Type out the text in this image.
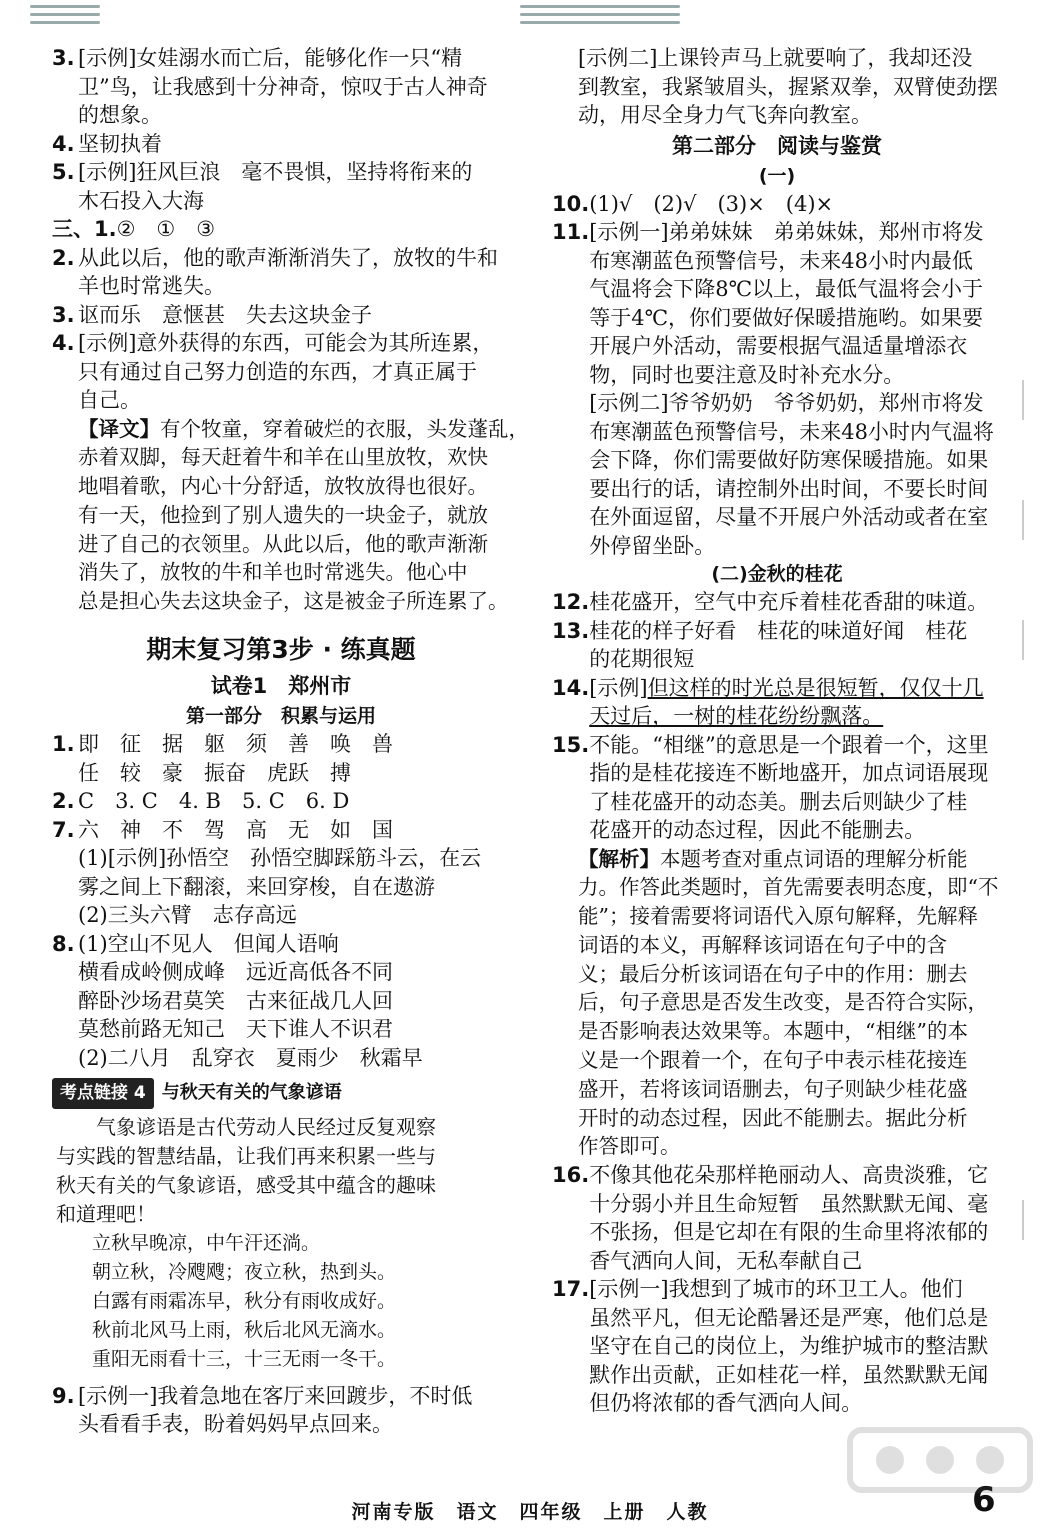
3. [示例]女娃溺水而亡后，能够化作一只“精
卫”鸟，让我感到十分神奇，惊叹于古人神奇
的想象。
4. 坚韧执着
5. [示例]狂风巨浪　毫不畏惧，坚持将衔来的
木石投入大海
三、1. ②　①　③
2. 从此以后，他的歌声渐渐消失了，放牧的牛和
羊也时常逃失。
3. 讴而乐　意惬甚　失去这块金子
4. [示例]意外获得的东西，可能会为其所连累，
只有通过自己努力创造的东西，才真正属于
自己。
【译文】有个牧童，穿着破烂的衣服，头发蓬乱，
赤着双脚，每天赶着牛和羊在山里放牧，欢快
地唱着歌，内心十分舒适，放牧放得也很好。
有一天，他捡到了别人遗失的一块金子，就放
进了自己的衣领里。从此以后，他的歌声渐渐
消失了，放牧的牛和羊也时常逃失。他心中
总是担心失去这块金子，这是被金子所连累了。
期末复习第3步 · 练真题
试卷1　郑州市
第一部分　积累与运用
1. 即　征　据　躯　须　善　唤　兽
任　较　豪　振奋　虎跃　搏
2. C　3. C　4. B　5. C　6. D
7. 六　神　不　驾　高　无　如　国
(1)[示例]孙悟空　孙悟空脚踩筋斗云，在云
雾之间上下翻滚，来回穿梭，自在遨游
(2)三头六臂　志存高远
8. (1)空山不见人　但闻人语响
横看成岭侧成峰　远近高低各不同
醉卧沙场君莫笑　古来征战几人回
莫愁前路无知己　天下谁人不识君
(2)二八月　乱穿衣　夏雨少　秋霜早
考点链接 4 与秋天有关的气象谚语
气象谚语是古代劳动人民经过反复观察
与实践的智慧结晶，让我们再来积累一些与
秋天有关的气象谚语，感受其中蕴含的趣味
和道理吧！
立秋早晚凉，中午汗还淌。
朝立秋，冷飕飕；夜立秋，热到头。
白露有雨霜冻早，秋分有雨收成好。
秋前北风马上雨，秋后北风无滴水。
重阳无雨看十三，十三无雨一冬干。
9. [示例一]我着急地在客厅来回踱步，不时低
头看看手表，盼着妈妈早点回来。
[示例二]上课铃声马上就要响了，我却还没
到教室，我紧皱眉头，握紧双拳，双臂使劲摆
动，用尽全身力气飞奔向教室。
第二部分　阅读与鉴赏
(一)
10. (1)√　(2)√　(3)×　(4)×
11. [示例一]弟弟妹妹　弟弟妹妹，郑州市将发
布寒潮蓝色预警信号，未来48小时内最低
气温将会下降8℃以上，最低气温将会小于
等于4℃，你们要做好保暖措施哟。如果要
开展户外活动，需要根据气温适量增添衣
物，同时也要注意及时补充水分。
[示例二]爷爷奶奶　爷爷奶奶，郑州市将发
布寒潮蓝色预警信号，未来48小时内气温将
会下降，你们需要做好防寒保暖措施。如果
要出行的话，请控制外出时间，不要长时间
在外面逗留，尽量不开展户外活动或者在室
外停留坐卧。
(二)金秋的桂花
12. 桂花盛开，空气中充斥着桂花香甜的味道。
13. 桂花的样子好看　桂花的味道好闻　桂花
的花期很短
14. [示例]但这样的时光总是很短暂，仅仅十几
天过后，一树的桂花纷纷飘落。
15. 不能。“相继”的意思是一个跟着一个，这里
指的是桂花接连不断地盛开，加点词语展现
了桂花盛开的动态美。删去后则缺少了桂
花盛开的动态过程，因此不能删去。
【解析】本题考查对重点词语的理解分析能
力。作答此类题时，首先需要表明态度，即“不
能”；接着需要将词语代入原句解释，先解释
词语的本义，再解释该词语在句子中的含
义；最后分析该词语在句子中的作用：删去
后，句子意思是否发生改变，是否符合实际，
是否影响表达效果等。本题中，“相继”的本
义是一个跟着一个，在句子中表示桂花接连
盛开，若将该词语删去，句子则缺少桂花盛
开时的动态过程，因此不能删去。据此分析
作答即可。
16. 不像其他花朵那样艳丽动人、高贵淡雅，它
十分弱小并且生命短暂　虽然默默无闻、毫
不张扬，但是它却在有限的生命里将浓郁的
香气洒向人间，无私奉献自己
17. [示例一]我想到了城市的环卫工人。他们
虽然平凡，但无论酷暑还是严寒，他们总是
坚守在自己的岗位上，为维护城市的整洁默
默作出贡献，正如桂花一样，虽然默默无闻
但仍将浓郁的香气洒向人间。
河南专版　语文　四年级　上册　人教	6
